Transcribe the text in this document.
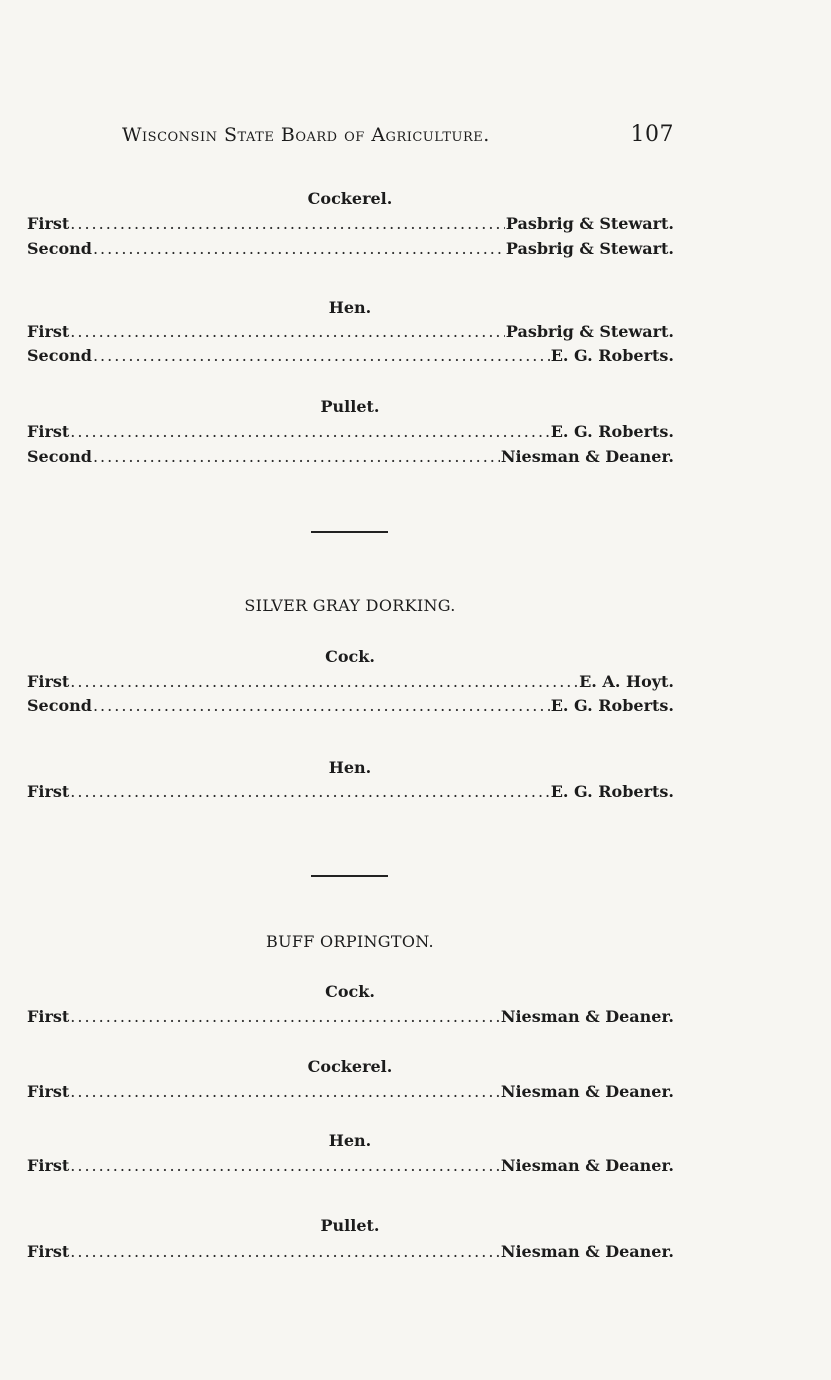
Wisconsin State Board of Agriculture.	107
Cockerel.
First .....	Pasbrig & Stewart.
Second .....	Pasbrig & Stewart.
Hen.
First .....	Pasbrig & Stewart.
Second .....	E. G. Roberts.
Pullet.
First .....	E. G. Roberts.
Second .....	Niesman & Deaner.
SILVER GRAY DORKING.
Cock.
First .....	E. A. Hoyt.
Second .....	E. G. Roberts.
Hen.
First .....	E. G. Roberts.
BUFF ORPINGTON.
Cock.
First .....	Niesman & Deaner.
Cockerel.
First .....	Niesman & Deaner.
Hen.
First .....	Niesman & Deaner.
Pullet.
First .....	Niesman & Deaner.
